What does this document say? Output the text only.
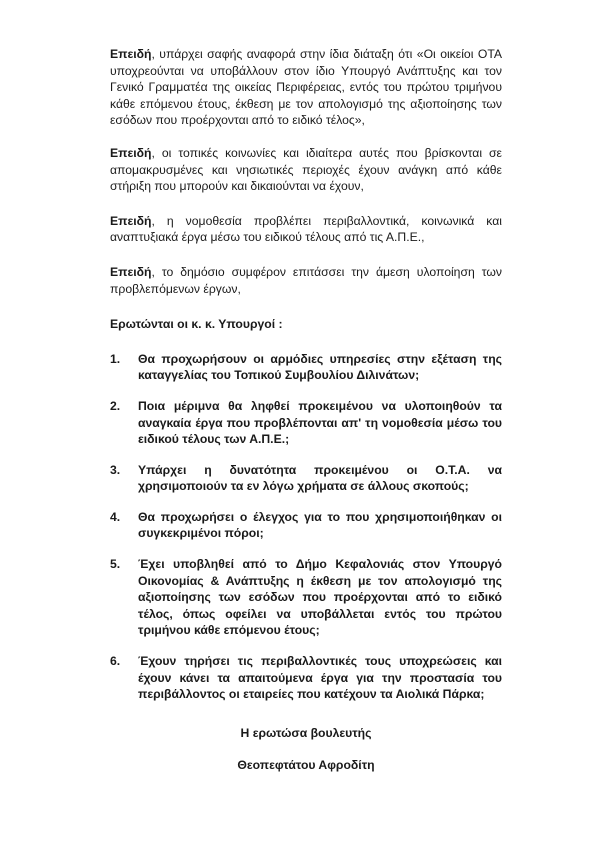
Επειδή, υπάρχει σαφής αναφορά στην ίδια διάταξη ότι «Οι οικείοι ΟΤΑ υποχρεούνται να υποβάλλουν στον ίδιο Υπουργό Ανάπτυξης και τον Γενικό Γραμματέα της οικείας Περιφέρειας, εντός του πρώτου τριμήνου κάθε επόμενου έτους, έκθεση με τον απολογισμό της αξιοποίησης των εσόδων που προέρχονται από το ειδικό τέλος»,

Επειδή, οι τοπικές κοινωνίες και ιδιαίτερα αυτές που βρίσκονται σε απομακρυσμένες και νησιωτικές περιοχές έχουν ανάγκη από κάθε στήριξη που μπορούν και δικαιούνται να έχουν,

Επειδή, η νομοθεσία προβλέπει περιβαλλοντικά, κοινωνικά και αναπτυξιακά έργα μέσω του ειδικού τέλους από τις Α.Π.Ε.,

Επειδή, το δημόσιο συμφέρον επιτάσσει την άμεση υλοποίηση των προβλεπόμενων έργων,

Ερωτώνται οι κ. κ. Υπουργοί :
1.	Θα προχωρήσουν οι αρμόδιες υπηρεσίες στην εξέταση της καταγγελίας του Τοπικού Συμβουλίου Διλινάτων;
2.	Ποια μέριμνα θα ληφθεί προκειμένου να υλοποιηθούν τα αναγκαία έργα που προβλέπονται απ' τη νομοθεσία μέσω του ειδικού τέλους των Α.Π.Ε.;
3.	Υπάρχει η δυνατότητα προκειμένου οι Ο.Τ.Α. να χρησιμοποιούν τα εν λόγω χρήματα σε άλλους σκοπούς;
4.	Θα προχωρήσει ο έλεγχος για το που χρησιμοποιήθηκαν οι συγκεκριμένοι πόροι;
5.	Έχει υποβληθεί από το Δήμο Κεφαλονιάς στον Υπουργό Οικονομίας & Ανάπτυξης η έκθεση με τον απολογισμό της αξιοποίησης των εσόδων που προέρχονται από το ειδικό τέλος, όπως οφείλει να υποβάλλεται εντός του πρώτου τριμήνου κάθε επόμενου έτους;
6.	Έχουν τηρήσει τις περιβαλλοντικές τους υποχρεώσεις και έχουν κάνει τα απαιτούμενα έργα για την προστασία του περιβάλλοντος οι εταιρείες που κατέχουν τα Αιολικά Πάρκα;
Η ερωτώσα βουλευτής
Θεοπεφτάτου Αφροδίτη
